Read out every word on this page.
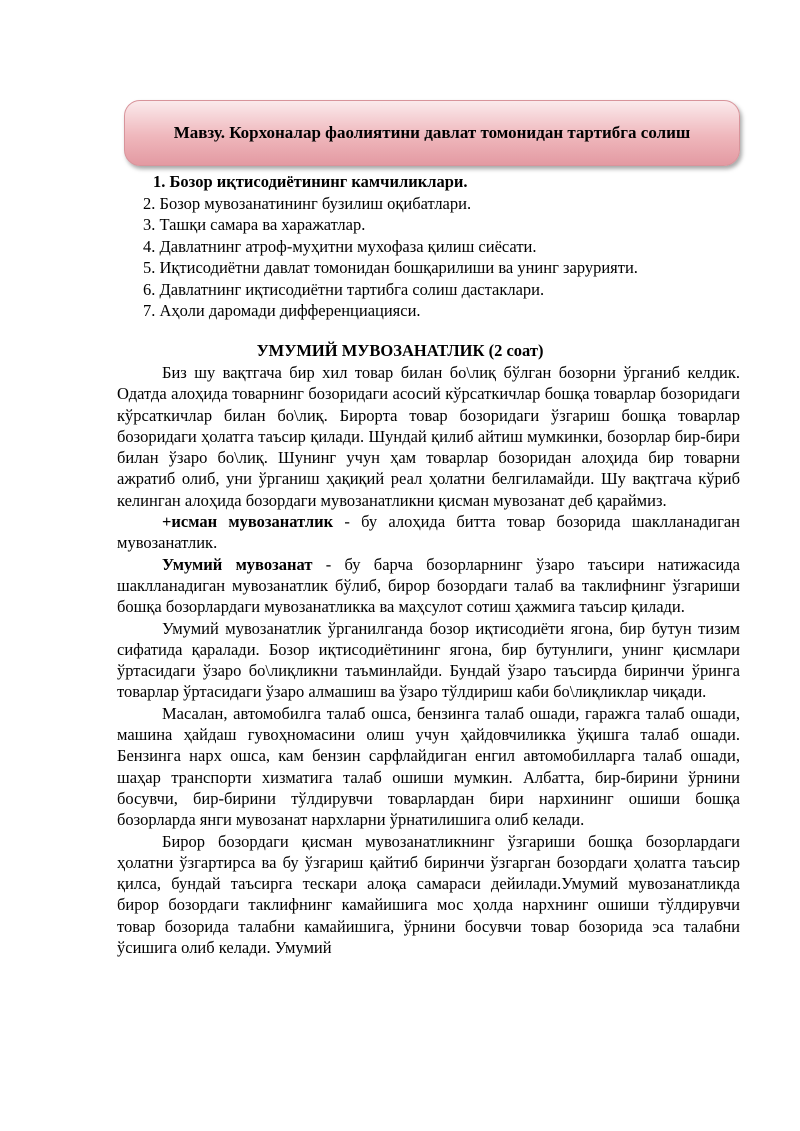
Мавзу. Корхоналар фаолиятини давлат томонидан тартибга солиш
1. Бозор иқтисодиётининг камчиликлари.
2. Бозор мувозанатининг бузилиш оқибатлари.
3. Ташқи самара ва харажатлар.
4. Давлатнинг атроф-муҳитни мухофаза қилиш сиёсати.
5. Иқтисодиётни давлат томонидан бошқарилиши ва унинг зарурияти.
6. Давлатнинг иқтисодиётни тартибга солиш дастаклари.
7. Аҳоли даромади дифференциацияси.
УМУМИЙ МУВОЗАНАТЛИК (2 соат)

Биз шу вақтгача бир хил товар билан бо\лиқ бўлган бозорни ўрганиб келдик. Одатда алоҳида товарнинг бозоридаги асосий кўрсаткичлар бошқа товарлар бозоридаги кўрсаткичлар билан бо\лиқ. Бироpта товар бозоридаги ўзгариш бошқа товарлар бозоридаги ҳолатга таъсир қилади. Шундай қилиб айтиш мумкинки, бозорлар бир-бири билан ўзаро бо\лиқ. Шунинг учун ҳам товарлар бозоридан алоҳида бир товарни ажратиб олиб, уни ўрганиш ҳақиқий реал ҳолатни белгиламайди. Шу вақтгача кўриб келинган алоҳида бозордаги мувозанатликни қисман мувозанат деб қараймиз.

+исман мувозанатлик - бу алоҳида битта товар бозорида шаклланадиган мувозанатлик.

Умумий мувозанат - бу барча бозорларнинг ўзаро таъсири натижасида шаклланадиган мувозанатлик бўлиб, бирор бозордаги талаб ва таклифнинг ўзгариши бошқа бозорлардаги мувозанатликка ва маҳсулот сотиш ҳажмига таъсир қилади.

Умумий мувозанатлик ўрганилганда бозор иқтисодиёти ягона, бир бутун тизим сифатида қаралади. Бозор иқтисодиётининг ягона, бир бутунлиги, унинг қисмлари ўртасидаги ўзаро бо\лиқликни таъминлайди. Бундай ўзаро таъсирда биринчи ўринга товарлар ўртасидаги ўзаро алмашиш ва ўзаро тўлдириш каби бо\лиқликлар чиқади.

Масалан, автомобилга талаб ошса, бензинга талаб ошади, гаражга талаб ошади, машина ҳайдаш гувоҳномасини олиш учун ҳайдовчиликка ўқишга талаб ошади. Бензинга нарх ошса, кам бензин сарфлайдиган енгил автомобилларга талаб ошади, шаҳар транспорти хизматига талаб ошиши мумкин. Албатта, бир-бирини ўрнини босувчи, бир-бирини тўлдирувчи товарлардан бири нархининг ошиши бошқа бозорларда янги мувозанат нархларни ўрнатилишига олиб келади.

Бирор бозордаги қисман мувозанатликнинг ўзгариши бошқа бозорлардаги ҳолатни ўзгартирса ва бу ўзгариш қайтиб биринчи ўзгарган бозордаги ҳолатга таъсир қилса, бундай таъсирга тескари алоқа самараси дейилади.Умумий мувозанатликда бирор бозордаги таклифнинг камайишига мос ҳолда нархнинг ошиши тўлдирувчи товар бозорида талабни камайишига, ўрнини босувчи товар бозорида эса талабни ўсишига олиб келади. Умумий
